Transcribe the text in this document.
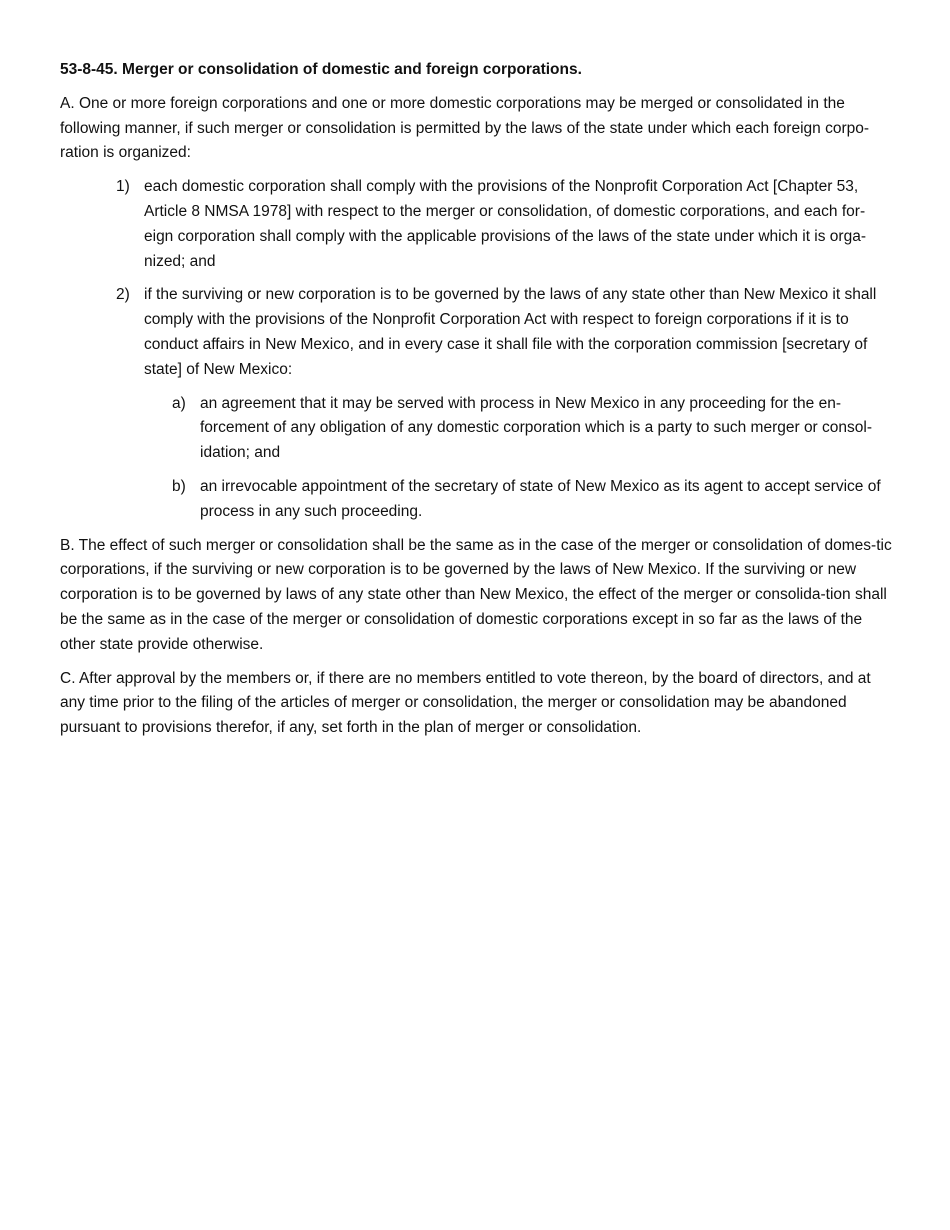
53-8-45. Merger or consolidation of domestic and foreign corporations.
A. One or more foreign corporations and one or more domestic corporations may be merged or consolidated in the following manner, if such merger or consolidation is permitted by the laws of the state under which each foreign corpo-ration is organized:
1) each domestic corporation shall comply with the provisions of the Nonprofit Corporation Act [Chapter 53, Article 8 NMSA 1978] with respect to the merger or consolidation, of domestic corporations, and each for-eign corporation shall comply with the applicable provisions of the laws of the state under which it is orga-nized; and
2) if the surviving or new corporation is to be governed by the laws of any state other than New Mexico it shall comply with the provisions of the Nonprofit Corporation Act with respect to foreign corporations if it is to conduct affairs in New Mexico, and in every case it shall file with the corporation commission [secretary of state] of New Mexico:
a) an agreement that it may be served with process in New Mexico in any proceeding for the en-forcement of any obligation of any domestic corporation which is a party to such merger or consol-idation; and
b) an irrevocable appointment of the secretary of state of New Mexico as its agent to accept service of process in any such proceeding.
B. The effect of such merger or consolidation shall be the same as in the case of the merger or consolidation of domes-tic corporations, if the surviving or new corporation is to be governed by the laws of New Mexico. If the surviving or new corporation is to be governed by laws of any state other than New Mexico, the effect of the merger or consolida-tion shall be the same as in the case of the merger or consolidation of domestic corporations except in so far as the laws of the other state provide otherwise.
C. After approval by the members or, if there are no members entitled to vote thereon, by the board of directors, and at any time prior to the filing of the articles of merger or consolidation, the merger or consolidation may be abandoned pursuant to provisions therefor, if any, set forth in the plan of merger or consolidation.
